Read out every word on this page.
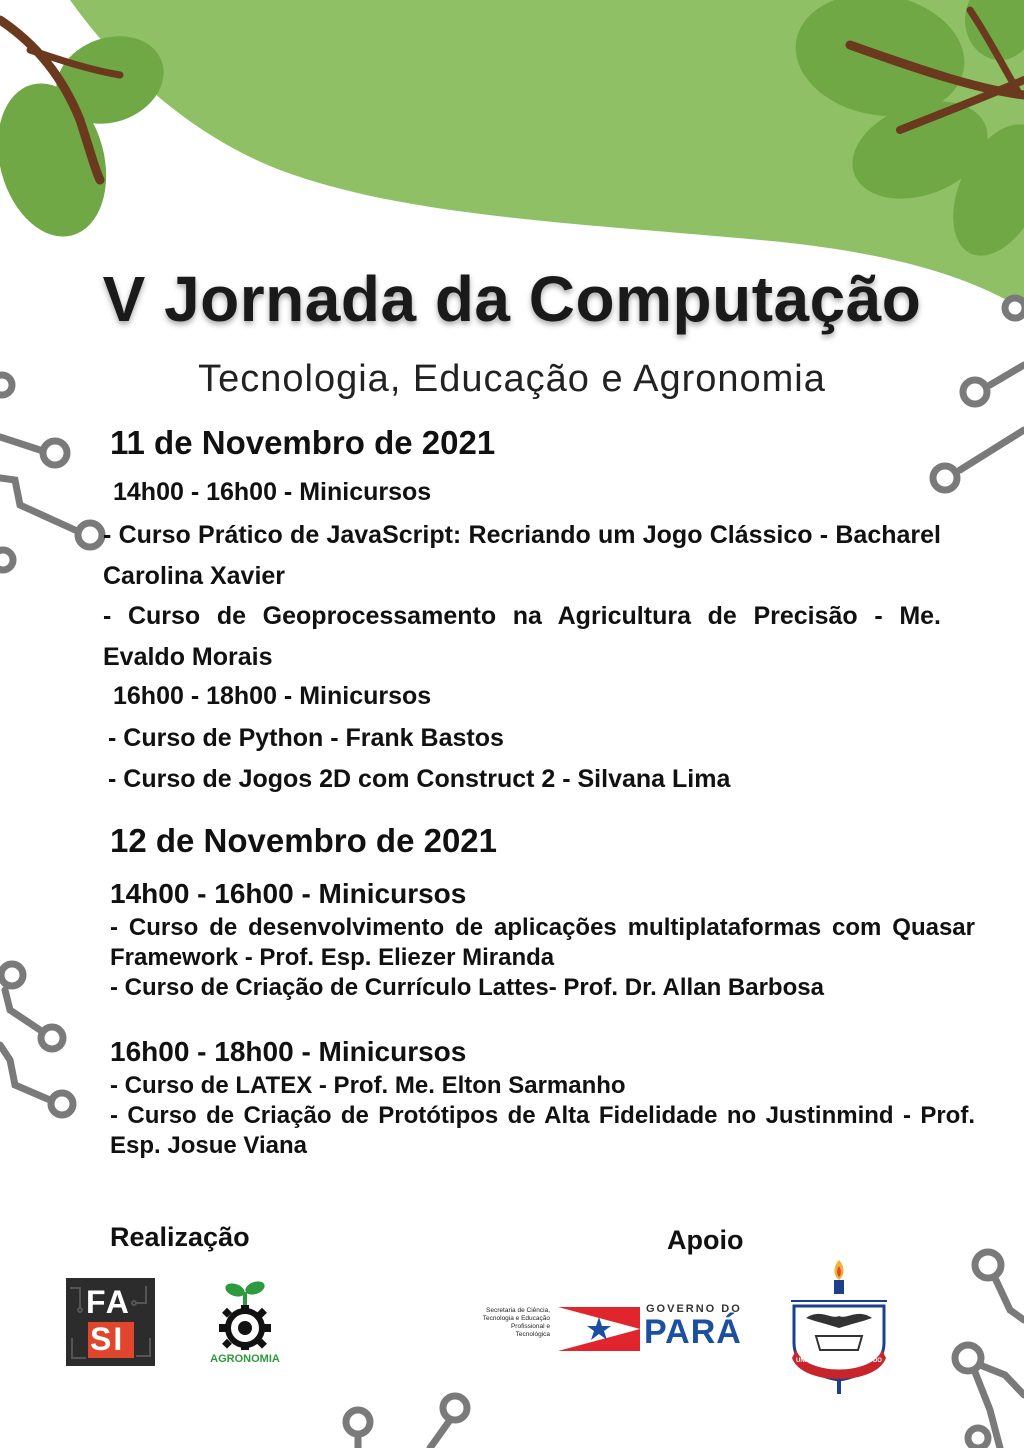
V Jornada da Computação
Tecnologia, Educação e Agronomia
11 de Novembro de 2021
14h00 - 16h00 - Minicursos
- Curso Prático de JavaScript: Recriando um Jogo Clássico - Bacharel Carolina Xavier
- Curso de Geoprocessamento na Agricultura de Precisão - Me. Evaldo Morais
16h00 - 18h00 - Minicursos
- Curso de Python - Frank Bastos
- Curso de Jogos 2D com Construct 2 - Silvana Lima
12 de Novembro de 2021
14h00 - 16h00 - Minicursos
- Curso de desenvolvimento de aplicações multiplataformas com Quasar Framework - Prof. Esp. Eliezer Miranda
- Curso de Criação de Currículo Lattes- Prof. Dr. Allan Barbosa
16h00 - 18h00 - Minicursos
- Curso de LATEX - Prof. Me. Elton Sarmanho
- Curso de Criação de Protótipos de Alta Fidelidade no Justinmind - Prof. Esp. Josue Viana
Realização	Apoio
FA
SI
AGRONOMIA
Secretaria de Ciência, Tecnologia e Educação Profissional e Tecnológica
GOVERNO DO
PARÁ
UNIVERSIDADE FEDERAL DO PARÁ
